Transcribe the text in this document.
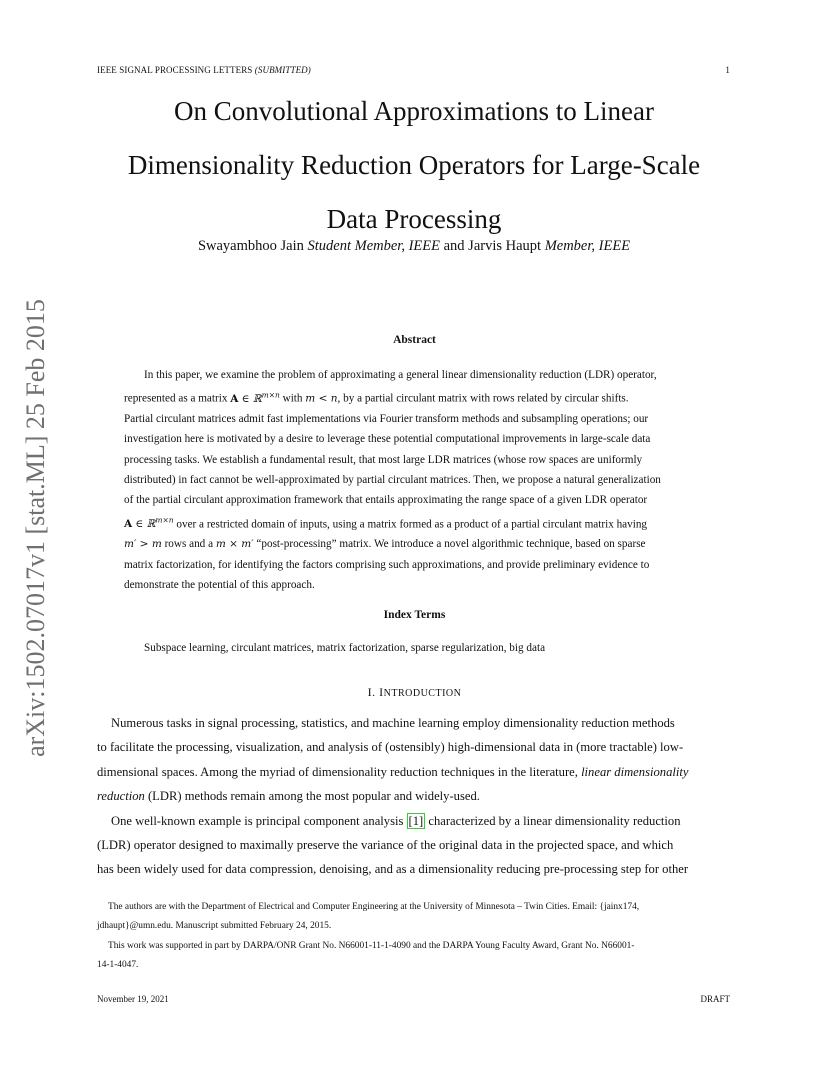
IEEE SIGNAL PROCESSING LETTERS (SUBMITTED)	1
arXiv:1502.07017v1 [stat.ML] 25 Feb 2015
On Convolutional Approximations to Linear
Dimensionality Reduction Operators for Large-Scale
Data Processing
Swayambhoo Jain Student Member, IEEE and Jarvis Haupt Member, IEEE
Abstract
In this paper, we examine the problem of approximating a general linear dimensionality reduction (LDR) operator,
represented as a matrix A ∈ ℝ$^{m\times n}$ with m < n, by a partial circulant matrix with rows related by circular shifts.
Partial circulant matrices admit fast implementations via Fourier transform methods and subsampling operations; our
investigation here is motivated by a desire to leverage these potential computational improvements in large-scale data
processing tasks. We establish a fundamental result, that most large LDR matrices (whose row spaces are uniformly
distributed) in fact cannot be well-approximated by partial circulant matrices. Then, we propose a natural generalization
of the partial circulant approximation framework that entails approximating the range space of a given LDR operator
A ∈ ℝ$^{m\times n}$ over a restricted domain of inputs, using a matrix formed as a product of a partial circulant matrix having
m′ > m rows and a m × m′ “post-processing” matrix. We introduce a novel algorithmic technique, based on sparse
matrix factorization, for identifying the factors comprising such approximations, and provide preliminary evidence to
demonstrate the potential of this approach.
Index Terms
Subspace learning, circulant matrices, matrix factorization, sparse regularization, big data
I. INTRODUCTION
Numerous tasks in signal processing, statistics, and machine learning employ dimensionality reduction methods
to facilitate the processing, visualization, and analysis of (ostensibly) high-dimensional data in (more tractable) low-
dimensional spaces. Among the myriad of dimensionality reduction techniques in the literature, linear dimensionality
reduction (LDR) methods remain among the most popular and widely-used.
One well-known example is principal component analysis [1] characterized by a linear dimensionality reduction
(LDR) operator designed to maximally preserve the variance of the original data in the projected space, and which
has been widely used for data compression, denoising, and as a dimensionality reducing pre-processing step for other
The authors are with the Department of Electrical and Computer Engineering at the University of Minnesota – Twin Cities. Email: {jainx174,
jdhaupt}@umn.edu. Manuscript submitted February 24, 2015.
This work was supported in part by DARPA/ONR Grant No. N66001-11-1-4090 and the DARPA Young Faculty Award, Grant No. N66001-
14-1-4047.
November 19, 2021	DRAFT
